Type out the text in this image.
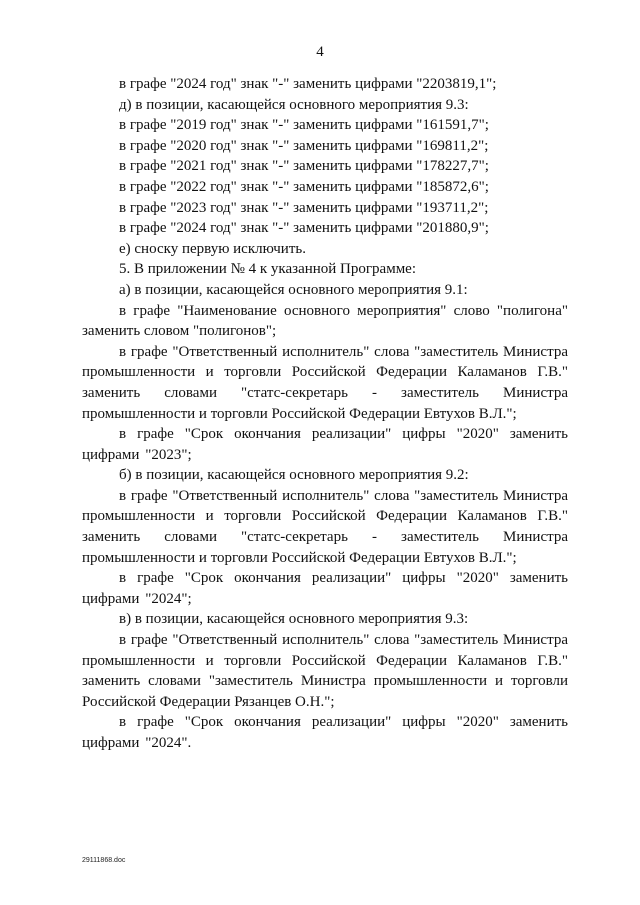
4

в графе "2024 год" знак "-" заменить цифрами "2203819,1";

д) в позиции, касающейся основного мероприятия 9.3:

в графе "2019 год" знак "-" заменить цифрами "161591,7";

в графе "2020 год" знак "-" заменить цифрами "169811,2";

в графе "2021 год" знак "-" заменить цифрами "178227,7";

в графе "2022 год" знак "-" заменить цифрами "185872,6";

в графе "2023 год" знак "-" заменить цифрами "193711,2";

в графе "2024 год" знак "-" заменить цифрами "201880,9";

е) сноску первую исключить.

5. В приложении № 4 к указанной Программе:

а) в позиции, касающейся основного мероприятия 9.1:

в графе "Наименование основного мероприятия" слово "полигона" заменить словом "полигонов";

в графе "Ответственный исполнитель" слова "заместитель Министра промышленности и торговли Российской Федерации Каламанов Г.В." заменить словами "статс-секретарь - заместитель Министра промышленности и торговли Российской Федерации Евтухов В.Л.";

в графе "Срок окончания реализации" цифры "2020" заменить цифрами "2023";

б) в позиции, касающейся основного мероприятия 9.2:

в графе "Ответственный исполнитель" слова "заместитель Министра промышленности и торговли Российской Федерации Каламанов Г.В." заменить словами "статс-секретарь - заместитель Министра промышленности и торговли Российской Федерации Евтухов В.Л.";

в графе "Срок окончания реализации" цифры "2020" заменить цифрами "2024";

в) в позиции, касающейся основного мероприятия 9.3:

в графе "Ответственный исполнитель" слова "заместитель Министра промышленности и торговли Российской Федерации Каламанов Г.В." заменить словами "заместитель Министра промышленности и торговли Российской Федерации Рязанцев О.Н.";

в графе "Срок окончания реализации" цифры "2020" заменить цифрами "2024".

29111868.doc
